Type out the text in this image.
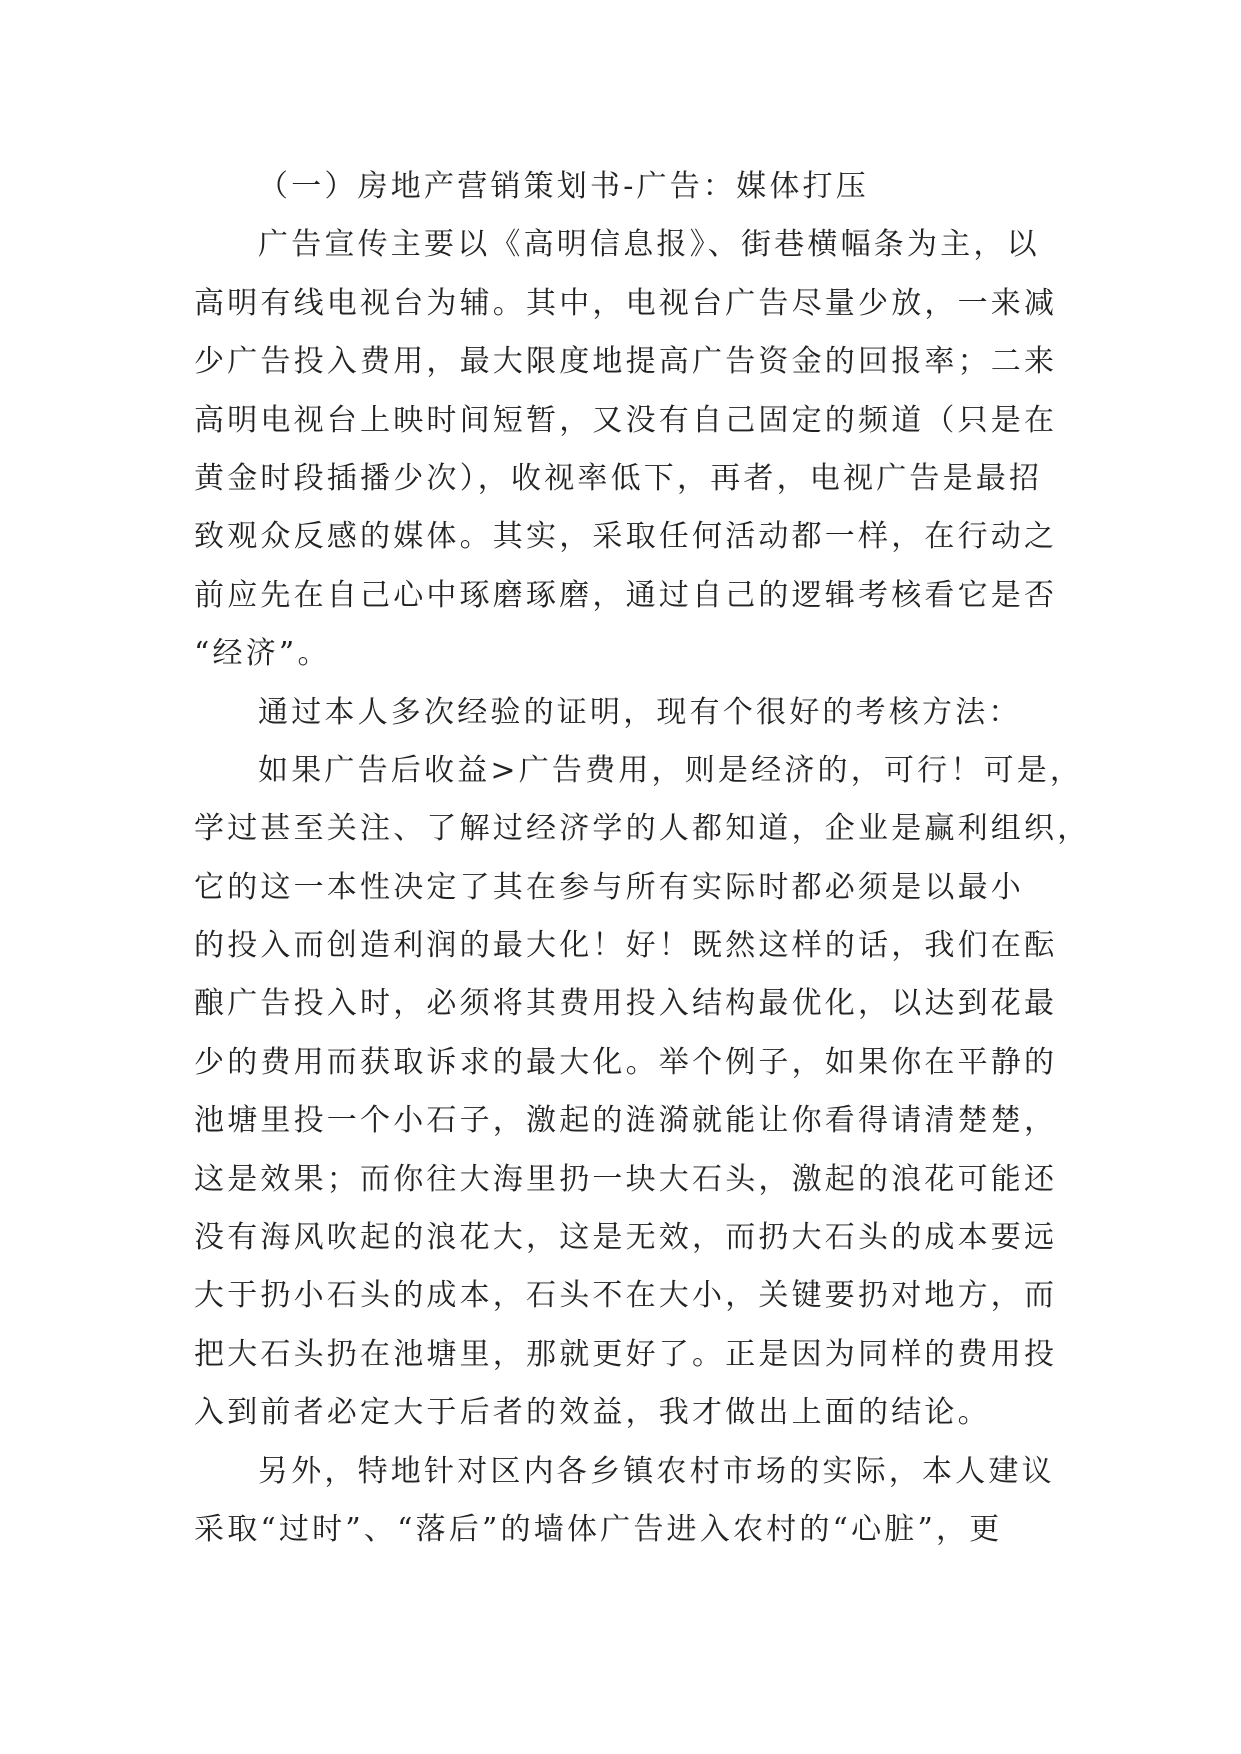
（一）房地产营销策划书-广告：媒体打压
广告宣传主要以《高明信息报》、街巷横幅条为主，以
高明有线电视台为辅。其中，电视台广告尽量少放，一来减
少广告投入费用，最大限度地提高广告资金的回报率；二来
高明电视台上映时间短暂，又没有自己固定的频道（只是在
黄金时段插播少次），收视率低下，再者，电视广告是最招
致观众反感的媒体。其实，采取任何活动都一样，在行动之
前应先在自己心中琢磨琢磨，通过自己的逻辑考核看它是否
“经济”。
通过本人多次经验的证明，现有个很好的考核方法：
如果广告后收益>广告费用，则是经济的，可行！可是，
学过甚至关注、了解过经济学的人都知道，企业是赢利组织，
它的这一本性决定了其在参与所有实际时都必须是以最小
的投入而创造利润的最大化！好！既然这样的话，我们在酝
酿广告投入时，必须将其费用投入结构最优化，以达到花最
少的费用而获取诉求的最大化。举个例子，如果你在平静的
池塘里投一个小石子，激起的涟漪就能让你看得请清楚楚，
这是效果；而你往大海里扔一块大石头，激起的浪花可能还
没有海风吹起的浪花大，这是无效，而扔大石头的成本要远
大于扔小石头的成本，石头不在大小，关键要扔对地方，而
把大石头扔在池塘里，那就更好了。正是因为同样的费用投
入到前者必定大于后者的效益，我才做出上面的结论。
另外，特地针对区内各乡镇农村市场的实际，本人建议
采取“过时”、“落后”的墙体广告进入农村的“心脏”，更
